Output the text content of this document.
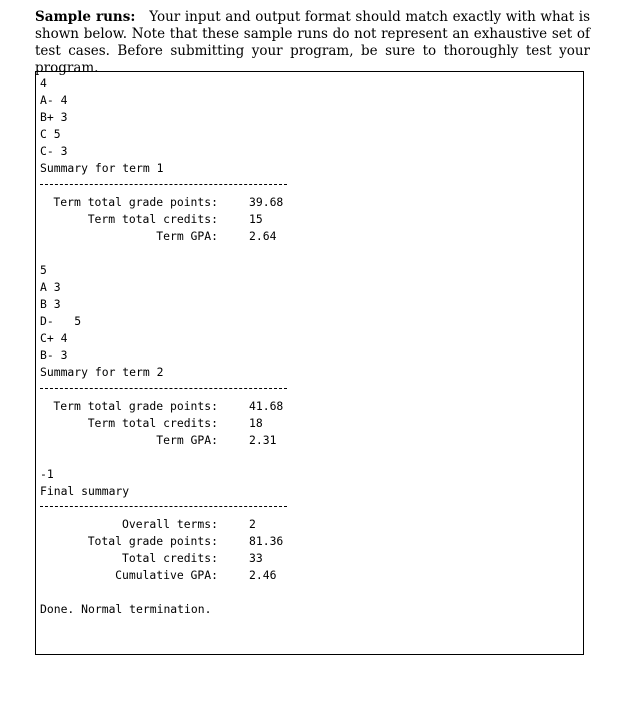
Sample runs: Your input and output format should match exactly with what is shown below. Note that these sample runs do not represent an exhaustive set of test cases. Before submitting your program, be sure to thoroughly test your program.
4
A- 4
B+ 3
C 5
C- 3
Summary for term 1
Term total grade points:	39.68
Term total credits:	15
Term GPA:	2.64
5
A 3
B 3
D-   5
C+ 4
B- 3
Summary for term 2
Term total grade points:	41.68
Term total credits:	18
Term GPA:	2.31
-1
Final summary
Overall terms:	2
Total grade points:	81.36
Total credits:	33
Cumulative GPA:	2.46
Done. Normal termination.
